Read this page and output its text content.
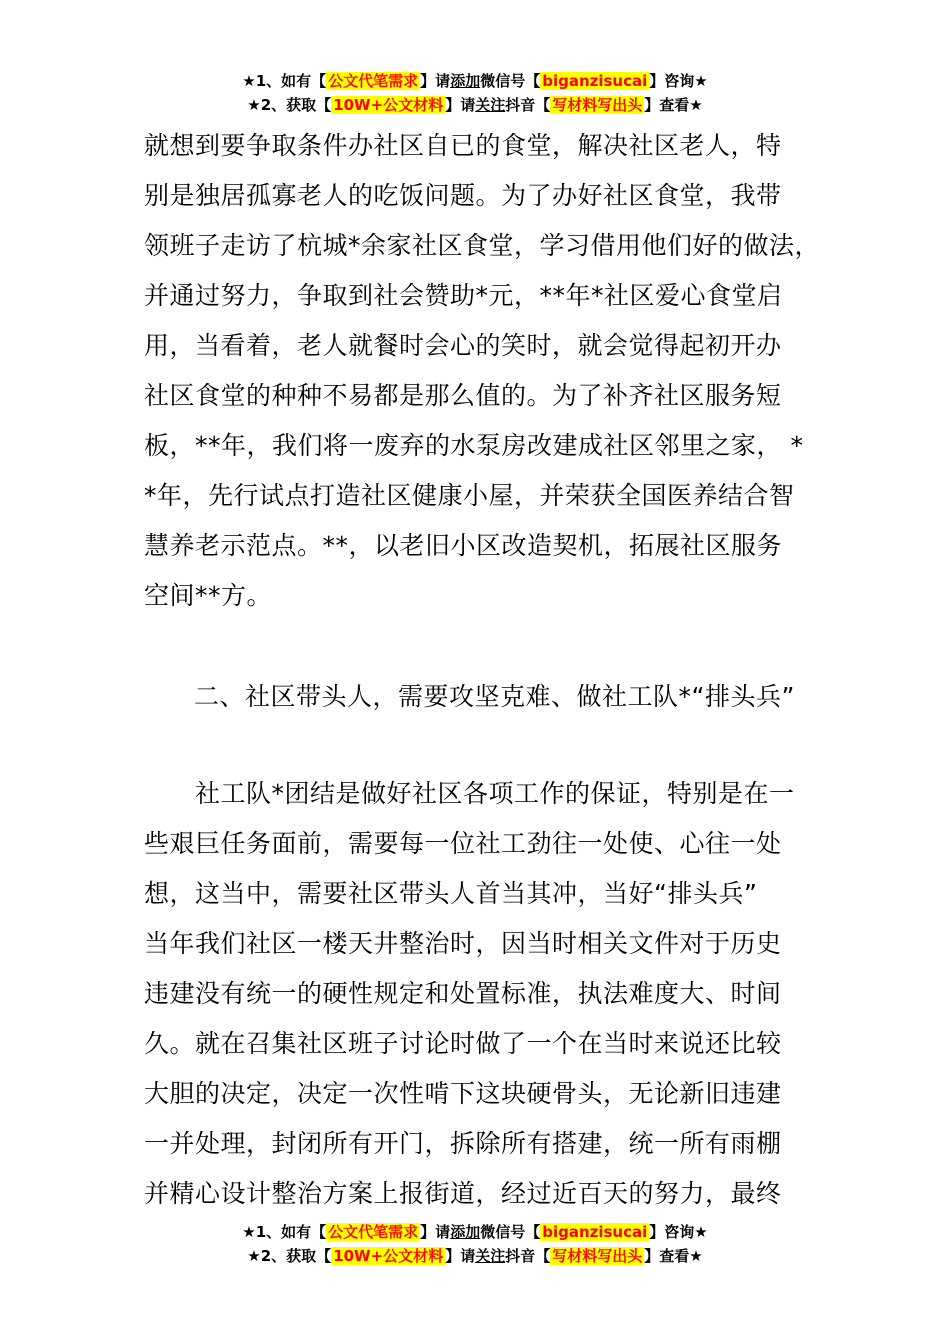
★1、如有【 公文代笔需求 】请添加微信号【 biganzisucai 】咨询★
★2、获取【 10W+公文材料 】请关注抖音【 写材料写出头 】查看★
就想到要争取条件办社区自已的食堂，解决社区老人，特
别是独居孤寡老人的吃饭问题。为了办好社区食堂，我带
领班子走访了杭城*余家社区食堂，学习借用他们好的做法，
并通过努力，争取到社会赞助*元，**年*社区爱心食堂启
用，当看着，老人就餐时会心的笑时，就会觉得起初开办
社区食堂的种种不易都是那么值的。为了补齐社区服务短
板，**年，我们将一废弃的水泵房改建成社区邻里之家， *
*年，先行试点打造社区健康小屋，并荣获全国医养结合智
慧养老示范点。**，以老旧小区改造契机，拓展社区服务
空间**方。
二、社区带头人，需要攻坚克难、做社工队*“排头兵”
　　社工队*团结是做好社区各项工作的保证，特别是在一
些艰巨任务面前，需要每一位社工劲往一处使、心往一处
想，这当中，需要社区带头人首当其冲，当好“排头兵”
当年我们社区一楼天井整治时，因当时相关文件对于历史
违建没有统一的硬性规定和处置标准，执法难度大、时间
久。就在召集社区班子讨论时做了一个在当时来说还比较
大胆的决定，决定一次性啃下这块硬骨头，无论新旧违建
一并处理，封闭所有开门，拆除所有搭建，统一所有雨棚
并精心设计整治方案上报街道，经过近百天的努力，最终
★1、如有【 公文代笔需求 】请添加微信号【 biganzisucai 】咨询★
★2、获取【 10W+公文材料 】请关注抖音【 写材料写出头 】查看★
